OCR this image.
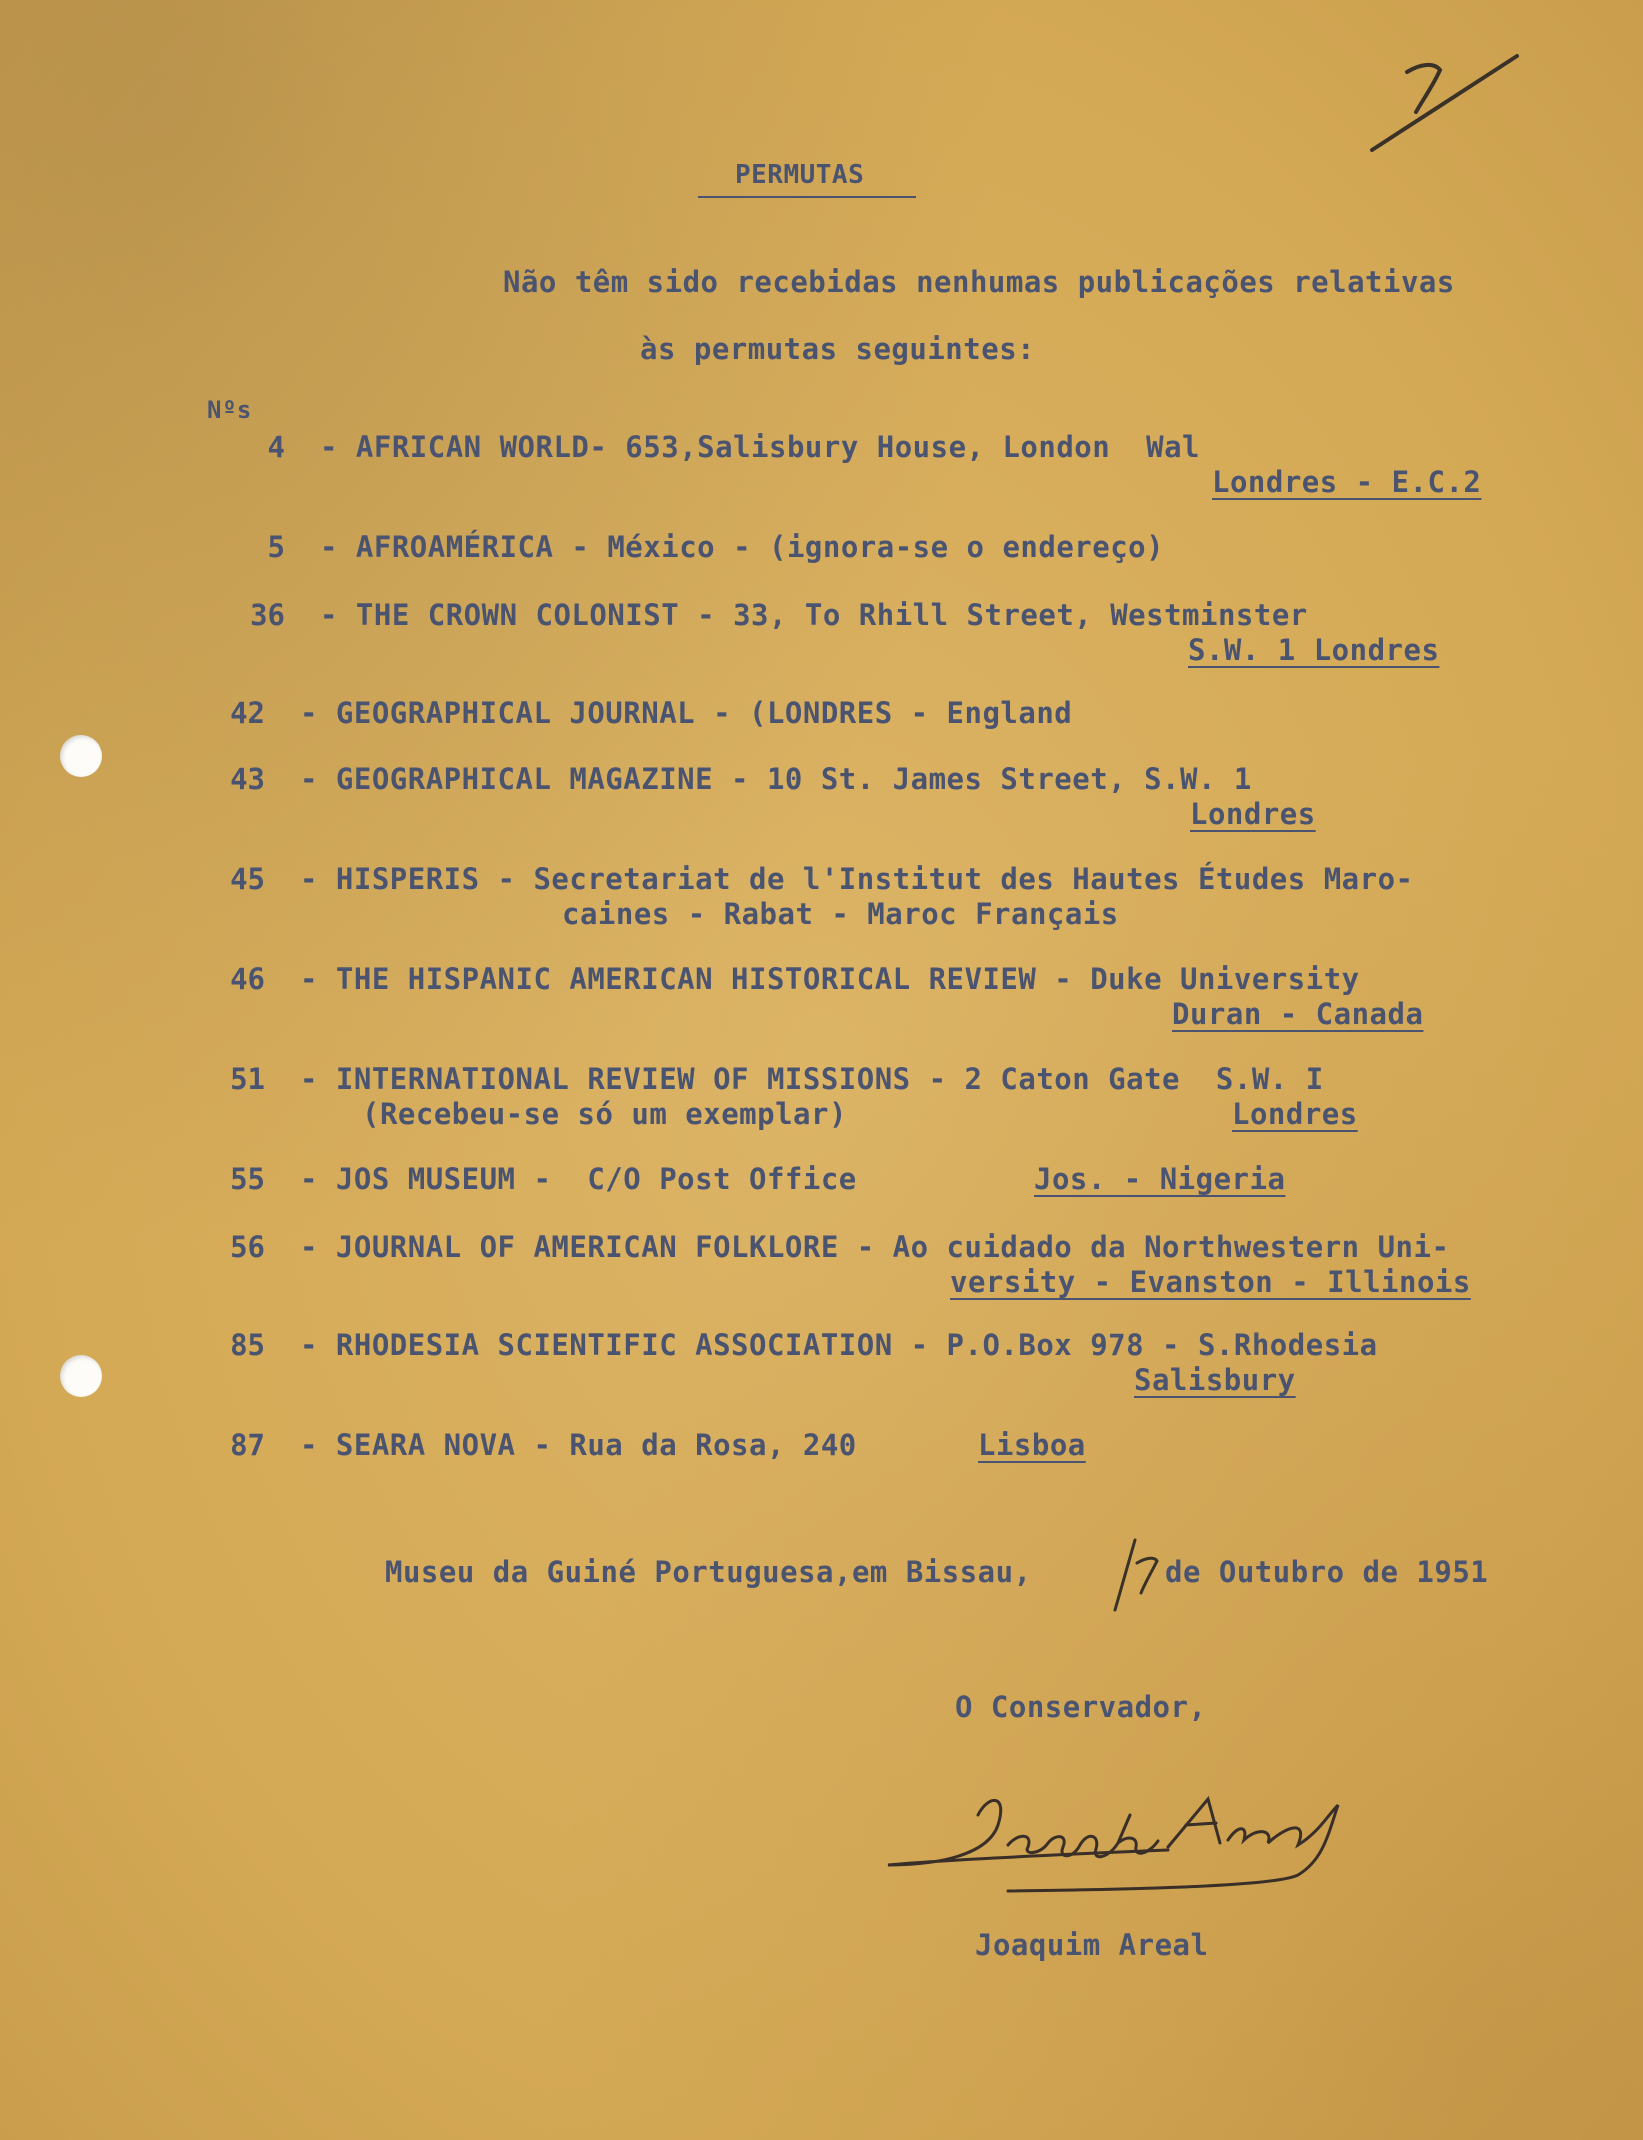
PERMUTAS
Não têm sido recebidas nenhumas publicações relativas
às permutas seguintes:
Nºs
4 - AFRICAN WORLD- 653,Salisbury House, London  Wal
Londres - E.C.2
5 - AFROAMÉRICA - México - (ignora-se o endereço)
36 - THE CROWN COLONIST - 33, To Rhill Street, Westminster
S.W. 1 Londres
42 - GEOGRAPHICAL JOURNAL - (LONDRES - England
43 - GEOGRAPHICAL MAGAZINE - 10 St. James Street, S.W. 1
Londres
45 - HISPERIS - Secretariat de l'Institut des Hautes Études Maro-
caines - Rabat - Maroc Français
46 - THE HISPANIC AMERICAN HISTORICAL REVIEW - Duke University
Duran - Canada
51 - INTERNATIONAL REVIEW OF MISSIONS - 2 Caton Gate  S.W. I
(Recebeu-se só um exemplar)	Londres
55 - JOS MUSEUM -  C/O Post Office	Jos. - Nigeria
56 - JOURNAL OF AMERICAN FOLKLORE - Ao cuidado da Northwestern Uni-
versity - Evanston - Illinois
85 - RHODESIA SCIENTIFIC ASSOCIATION - P.O.Box 978 - S.Rhodesia
Salisbury
87 - SEARA NOVA - Rua da Rosa, 240	Lisboa
Museu da Guiné Portuguesa,em Bissau,
17
de Outubro de 1951
O Conservador,
Joaquim Areal
